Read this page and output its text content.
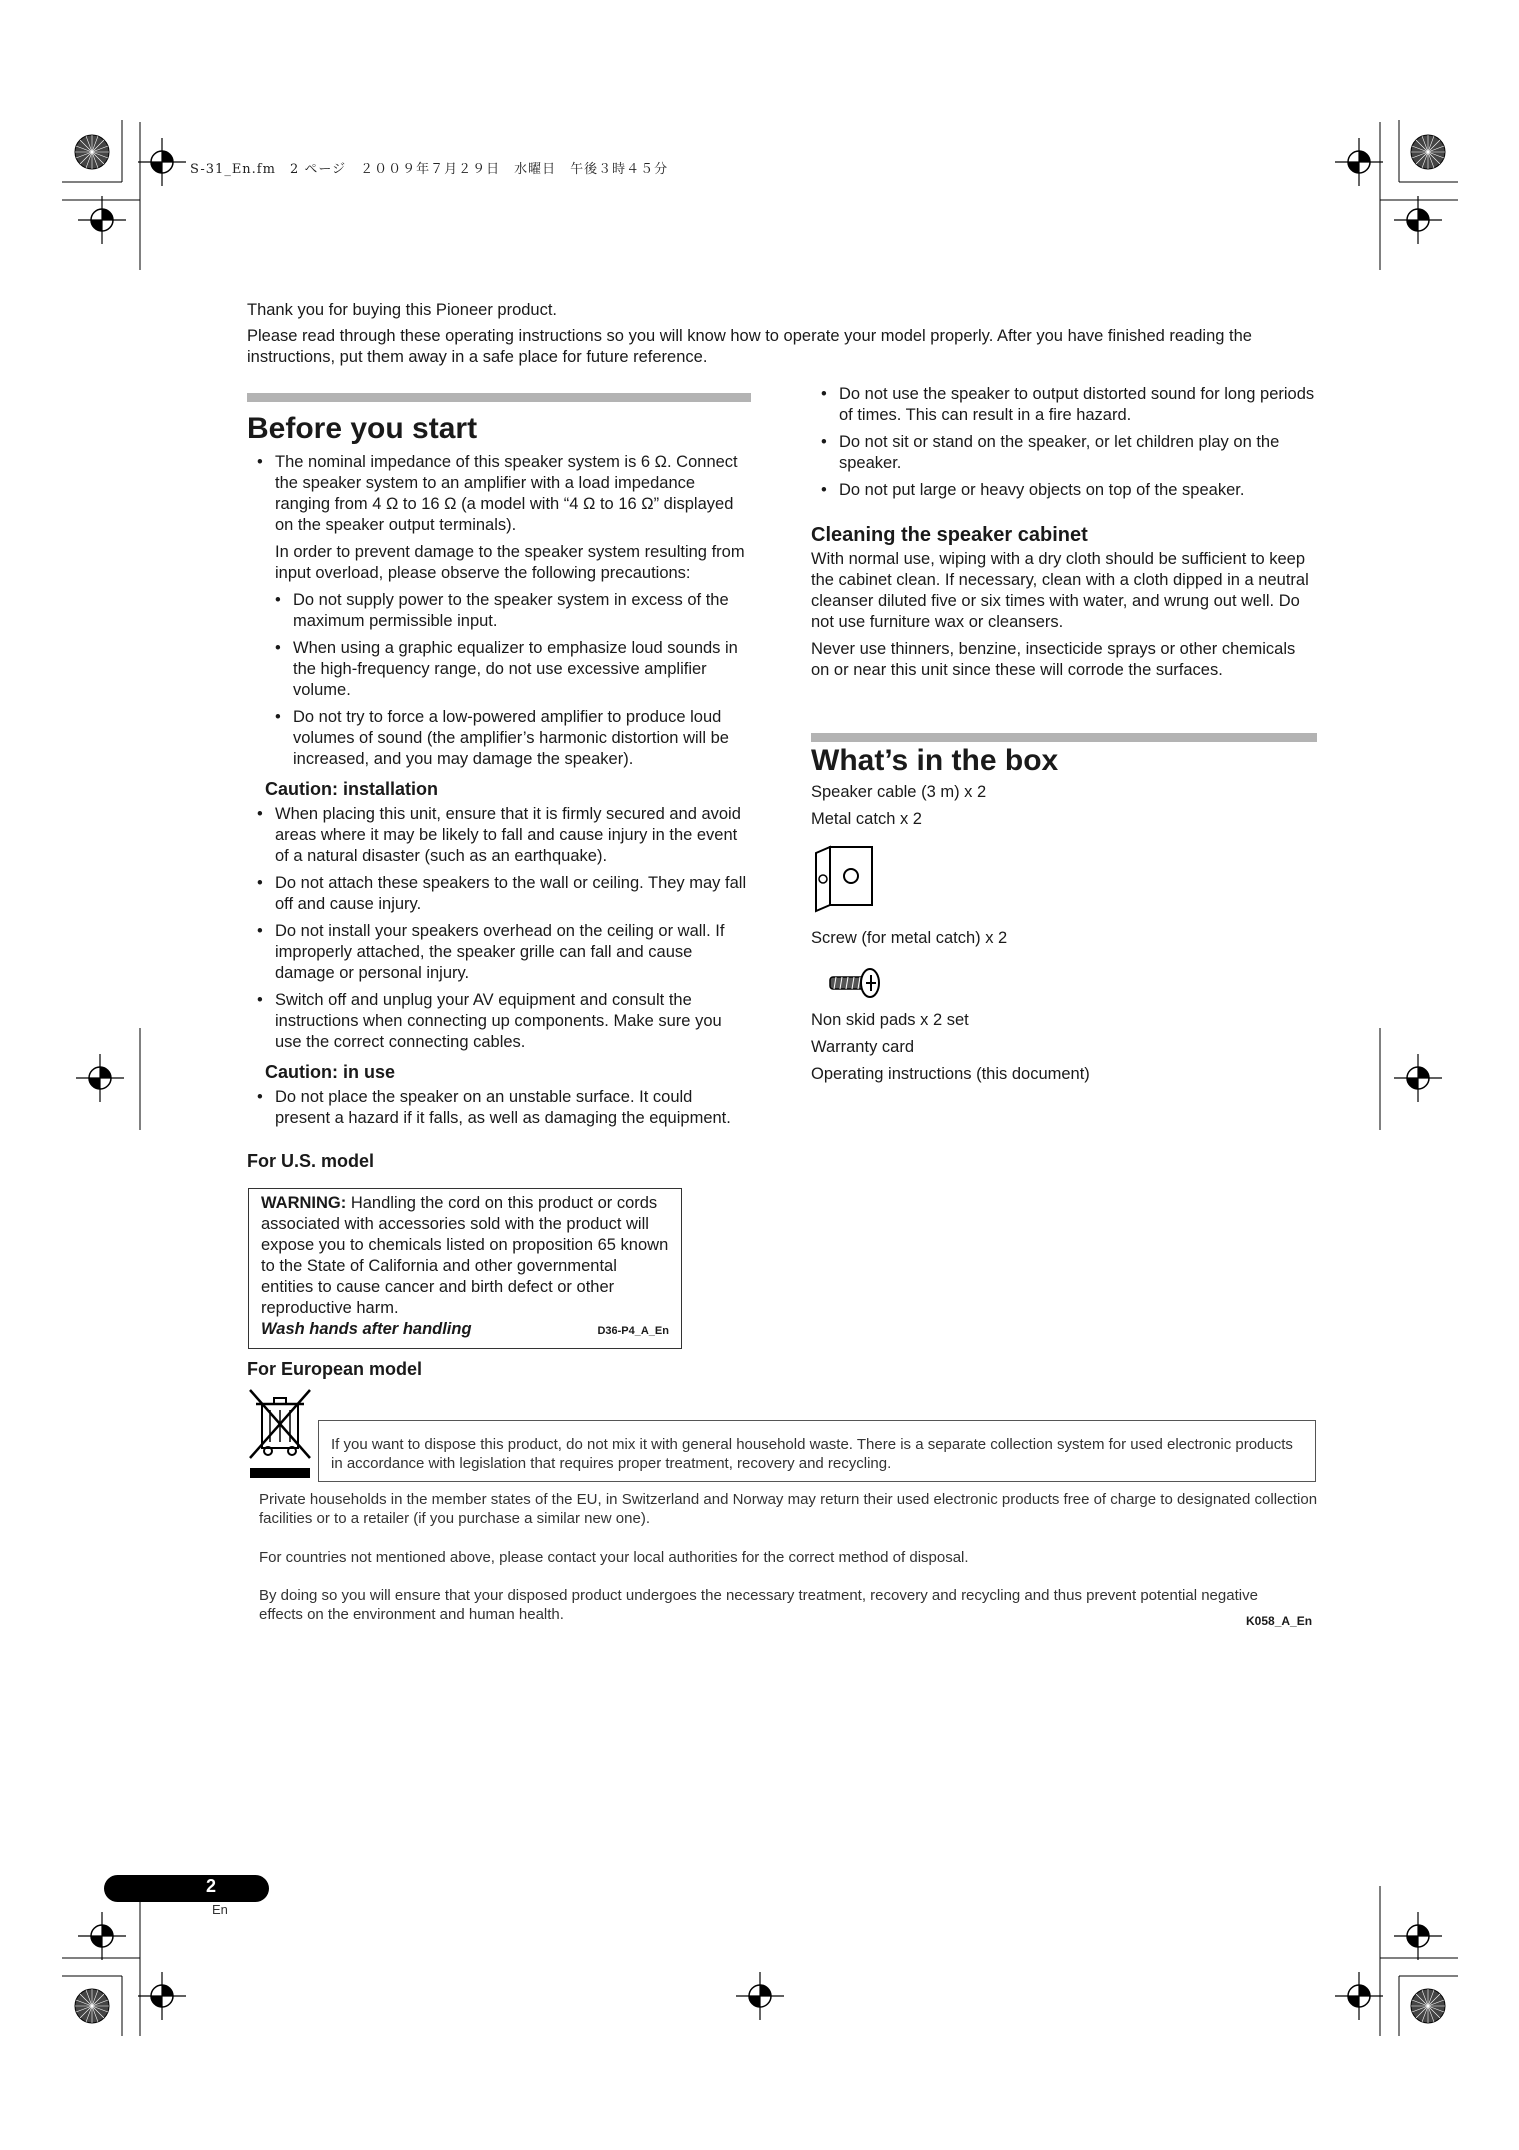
S-31_En.fm　2 ページ　２００９年７月２９日　水曜日　午後３時４５分
Thank you for buying this Pioneer product.
Please read through these operating instructions so you will know how to operate your model properly. After you have finished reading the instructions, put them away in a safe place for future reference.
Before you start

• The nominal impedance of this speaker system is 6 Ω. Connect the speaker system to an amplifier with a load impedance ranging from 4 Ω to 16 Ω (a model with “4 Ω to 16 Ω” displayed on the speaker output terminals).

In order to prevent damage to the speaker system resulting from input overload, please observe the following precautions:

• Do not supply power to the speaker system in excess of the maximum permissible input.
• When using a graphic equalizer to emphasize loud sounds in the high-frequency range, do not use excessive amplifier volume.
• Do not try to force a low-powered amplifier to produce loud volumes of sound (the amplifier’s harmonic distortion will be increased, and you may damage the speaker).
Caution: installation
• When placing this unit, ensure that it is firmly secured and avoid areas where it may be likely to fall and cause injury in the event of a natural disaster (such as an earthquake).
• Do not attach these speakers to the wall or ceiling. They may fall off and cause injury.
• Do not install your speakers overhead on the ceiling or wall. If improperly attached, the speaker grille can fall and cause damage or personal injury.
• Switch off and unplug your AV equipment and consult the instructions when connecting up components. Make sure you use the correct connecting cables.
Caution: in use
• Do not place the speaker on an unstable surface. It could present a hazard if it falls, as well as damaging the equipment.
For U.S. model
WARNING: Handling the cord on this product or cords associated with accessories sold with the product will expose you to chemicals listed on proposition 65 known to the State of California and other governmental entities to cause cancer and birth defect or other reproductive harm.
Wash hands after handling	D36-P4_A_En
For European model
If you want to dispose this product, do not mix it with general household waste. There is a separate collection system for used electronic products in accordance with legislation that requires proper treatment, recovery and recycling.
Private households in the member states of the EU, in Switzerland and Norway may return their used electronic products free of charge to designated collection facilities or to a retailer (if you purchase a similar new one).
For countries not mentioned above, please contact your local authorities for the correct method of disposal.
By doing so you will ensure that your disposed product undergoes the necessary treatment, recovery and recycling and thus prevent potential negative effects on the environment and human health.	K058_A_En
• Do not use the speaker to output distorted sound for long periods of times. This can result in a fire hazard.
• Do not sit or stand on the speaker, or let children play on the speaker.
• Do not put large or heavy objects on top of the speaker.
Cleaning the speaker cabinet

With normal use, wiping with a dry cloth should be sufficient to keep the cabinet clean. If necessary, clean with a cloth dipped in a neutral cleanser diluted five or six times with water, and wrung out well. Do not use furniture wax or cleansers.

Never use thinners, benzine, insecticide sprays or other chemicals on or near this unit since these will corrode the surfaces.

What’s in the box
Speaker cable (3 m) x 2
Metal catch x 2
Screw (for metal catch) x 2
Non skid pads x 2 set
Warranty card
Operating instructions (this document)
2
En
